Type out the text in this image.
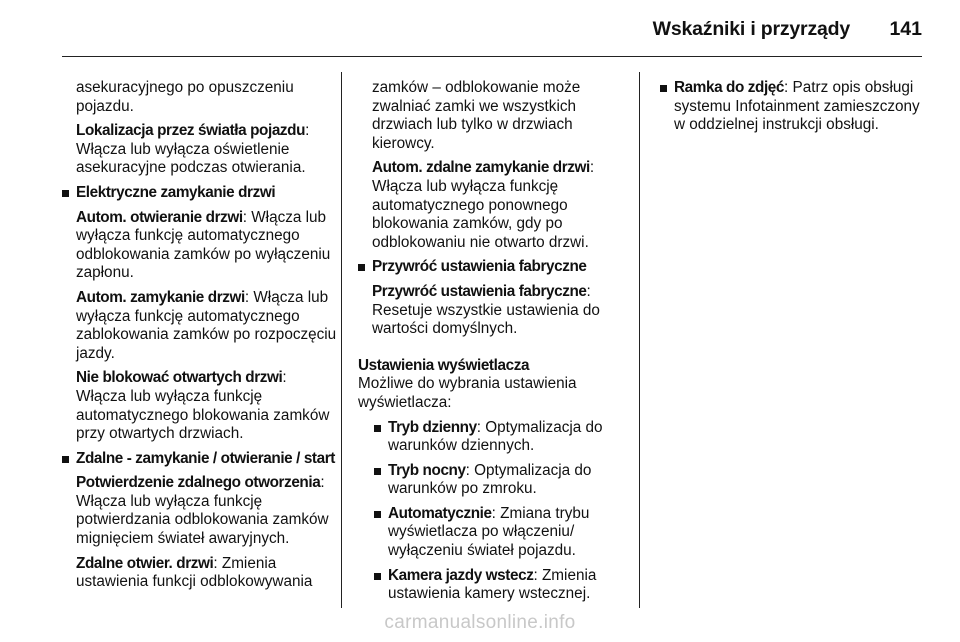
Wskaźniki i przyrządy	141

asekuracyjnego po opuszczeniu pojazdu.

Lokalizacja przez światła pojazdu: Włącza lub wyłącza oświetlenie asekuracyjne podczas otwierania.

Elektryczne zamykanie drzwi

Autom. otwieranie drzwi: Włącza lub wyłącza funkcję automatycznego odblokowania zamków po wyłączeniu zapłonu.

Autom. zamykanie drzwi: Włącza lub wyłącza funkcję automatycznego zablokowania zamków po rozpoczęciu jazdy.

Nie blokować otwartych drzwi: Włącza lub wyłącza funkcję automatycznego blokowania zamków przy otwartych drzwiach.

Zdalne - zamykanie / otwieranie / start

Potwierdzenie zdalnego otworzenia: Włącza lub wyłącza funkcję potwierdzania odblokowania zamków mignięciem świateł awaryjnych.

Zdalne otwier. drzwi: Zmienia ustawienia funkcji odblokowywania

zamków – odblokowanie może zwalniać zamki we wszystkich drzwiach lub tylko w drzwiach kierowcy.

Autom. zdalne zamykanie drzwi: Włącza lub wyłącza funkcję automatycznego ponownego blokowania zamków, gdy po odblokowaniu nie otwarto drzwi.

Przywróć ustawienia fabryczne

Przywróć ustawienia fabryczne: Resetuje wszystkie ustawienia do wartości domyślnych.

Ustawienia wyświetlacza

Możliwe do wybrania ustawienia wyświetlacza:

Tryb dzienny: Optymalizacja do warunków dziennych.
Tryb nocny: Optymalizacja do warunków po zmroku.
Automatycznie: Zmiana trybu wyświetlacza po włączeniu/ wyłączeniu świateł pojazdu.
Kamera jazdy wstecz: Zmienia ustawienia kamery wstecznej.
Ramka do zdjęć: Patrz opis obsługi systemu Infotainment zamieszczony w oddzielnej instrukcji obsługi.
carmanualsonline.info
